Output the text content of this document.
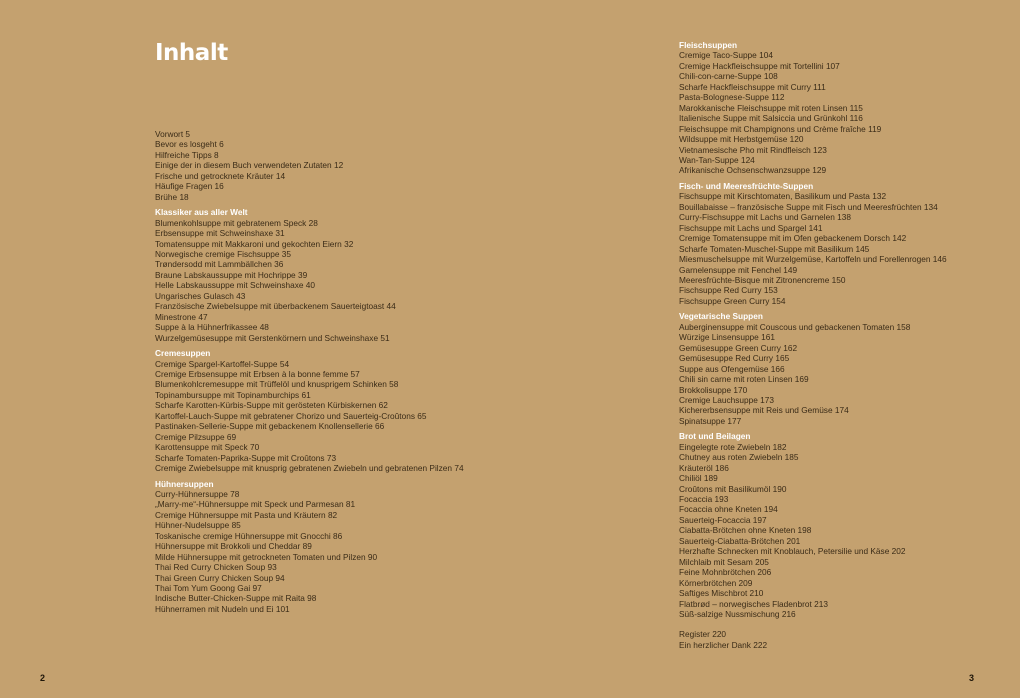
Inhalt
Vorwort 5
Bevor es losgeht 6
Hilfreiche Tipps 8
Einige der in diesem Buch verwendeten Zutaten 12
Frische und getrocknete Kräuter 14
Häufige Fragen 16
Brühe 18
Klassiker aus aller Welt
Blumenkohlsuppe mit gebratenem Speck 28
Erbsensuppe mit Schweinshaxe 31
Tomatensuppe mit Makkaroni und gekochten Eiern 32
Norwegische cremige Fischsuppe 35
Trøndersodd mit Lammbällchen 36
Braune Labskaussuppe mit Hochrippe 39
Helle Labskaussuppe mit Schweinshaxe 40
Ungarisches Gulasch 43
Französische Zwiebelsuppe mit überbackenem Sauerteigtoast 44
Minestrone 47
Suppe à la Hühnerfrikassee 48
Wurzelgemüsesuppe mit Gerstenkörnern und Schweinshaxe 51
Cremesuppen
Cremige Spargel-Kartoffel-Suppe 54
Cremige Erbsensuppe mit Erbsen à la bonne femme 57
Blumenkohlcremesuppe mit Trüffelöl und knusprigem Schinken 58
Topinambursuppe mit Topinamburchips 61
Scharfe Karotten-Kürbis-Suppe mit gerösteten Kürbiskernen 62
Kartoffel-Lauch-Suppe mit gebratener Chorizo und Sauerteig-Croûtons 65
Pastinaken-Sellerie-Suppe mit gebackenem Knollensellerie 66
Cremige Pilzsuppe 69
Karottensuppe mit Speck 70
Scharfe Tomaten-Paprika-Suppe mit Croûtons 73
Cremige Zwiebelsuppe mit knusprig gebratenen Zwiebeln und gebratenen Pilzen 74
Hühnersuppen
Curry-Hühnersuppe 78
„Marry-me“-Hühnersuppe mit Speck und Parmesan 81
Cremige Hühnersuppe mit Pasta und Kräutern 82
Hühner-Nudelsuppe 85
Toskanische cremige Hühnersuppe mit Gnocchi 86
Hühnersuppe mit Brokkoli und Cheddar 89
Milde Hühnersuppe mit getrockneten Tomaten und Pilzen 90
Thai Red Curry Chicken Soup 93
Thai Green Curry Chicken Soup 94
Thai Tom Yum Goong Gai 97
Indische Butter-Chicken-Suppe mit Raita 98
Hühnerramen mit Nudeln und Ei 101
2
Fleischsuppen
Cremige Taco-Suppe 104
Cremige Hackfleischsuppe mit Tortellini 107
Chili-con-carne-Suppe 108
Scharfe Hackfleischsuppe mit Curry 111
Pasta-Bolognese-Suppe 112
Marokkanische Fleischsuppe mit roten Linsen 115
Italienische Suppe mit Salsiccia und Grünkohl 116
Fleischsuppe mit Champignons und Crème fraîche 119
Wildsuppe mit Herbstgemüse 120
Vietnamesische Pho mit Rindfleisch 123
Wan-Tan-Suppe 124
Afrikanische Ochsenschwanzsuppe 129
Fisch- und Meeresfrüchte-Suppen
Fischsuppe mit Kirschtomaten, Basilikum und Pasta 132
Bouillabaisse – französische Suppe mit Fisch und Meeresfrüchten 134
Curry-Fischsuppe mit Lachs und Garnelen 138
Fischsuppe mit Lachs und Spargel 141
Cremige Tomatensuppe mit im Ofen gebackenem Dorsch 142
Scharfe Tomaten-Muschel-Suppe mit Basilikum 145
Miesmuschelsuppe mit Wurzelgemüse, Kartoffeln und Forellenrogen 146
Garnelensuppe mit Fenchel 149
Meeresfrüchte-Bisque mit Zitronencreme 150
Fischsuppe Red Curry 153
Fischsuppe Green Curry 154
Vegetarische Suppen
Auberginensuppe mit Couscous und gebackenen Tomaten 158
Würzige Linsensuppe 161
Gemüsesuppe Green Curry 162
Gemüsesuppe Red Curry 165
Suppe aus Ofengemüse 166
Chili sin carne mit roten Linsen 169
Brokkolisuppe 170
Cremige Lauchsuppe 173
Kichererbsensuppe mit Reis und Gemüse 174
Spinatsuppe 177
Brot und Beilagen
Eingelegte rote Zwiebeln 182
Chutney aus roten Zwiebeln 185
Kräuteröl 186
Chiliöl 189
Croûtons mit Basilikumöl 190
Focaccia 193
Focaccia ohne Kneten 194
Sauerteig-Focaccia 197
Ciabatta-Brötchen ohne Kneten 198
Sauerteig-Ciabatta-Brötchen 201
Herzhafte Schnecken mit Knoblauch, Petersilie und Käse 202
Milchlaib mit Sesam 205
Feine Mohnbrötchen 206
Körnerbrötchen 209
Saftiges Mischbrot 210
Flatbrød – norwegisches Fladenbrot 213
Süß-salzige Nussmischung 216
Register 220
Ein herzlicher Dank 222
3
